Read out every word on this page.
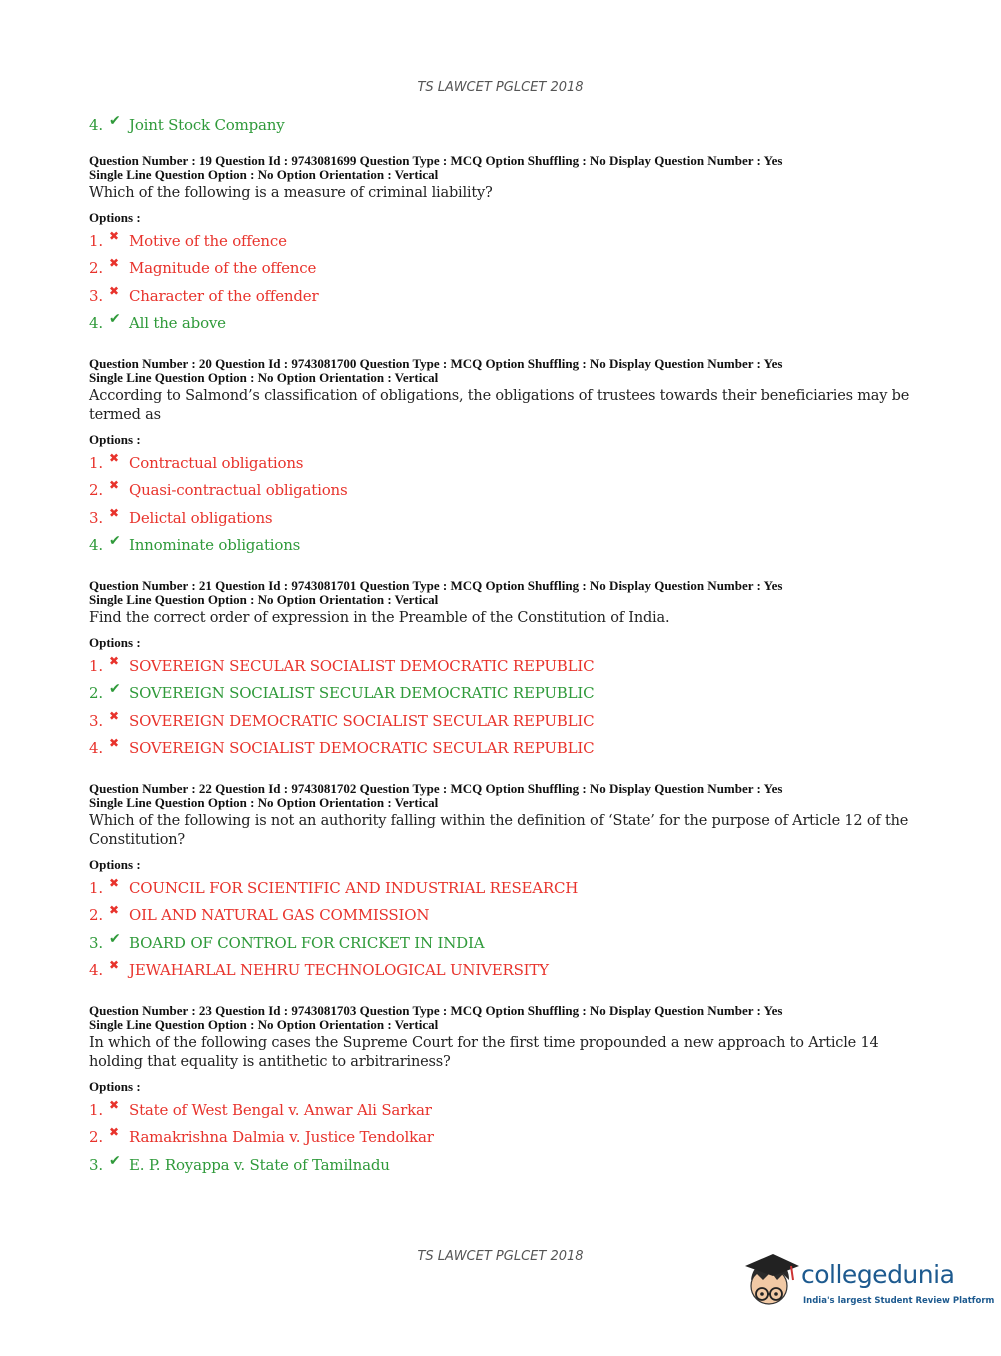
TS LAWCET PGLCET 2018
4. ✔ Joint Stock Company
Question Number : 19 Question Id : 9743081699 Question Type : MCQ Option Shuffling : No Display Question Number : Yes
Single Line Question Option : No Option Orientation : Vertical
Which of the following is a measure of criminal liability?
Options :
1. ✖ Motive of the offence
2. ✖ Magnitude of the offence
3. ✖ Character of the offender
4. ✔ All the above
Question Number : 20 Question Id : 9743081700 Question Type : MCQ Option Shuffling : No Display Question Number : Yes
Single Line Question Option : No Option Orientation : Vertical
According to Salmond’s classification of obligations, the obligations of trustees towards their beneficiaries may be termed as
Options :
1. ✖ Contractual obligations
2. ✖ Quasi-contractual obligations
3. ✖ Delictal obligations
4. ✔ Innominate obligations
Question Number : 21 Question Id : 9743081701 Question Type : MCQ Option Shuffling : No Display Question Number : Yes
Single Line Question Option : No Option Orientation : Vertical
Find the correct order of expression in the Preamble of the Constitution of India.
Options :
1. ✖ SOVEREIGN SECULAR SOCIALIST DEMOCRATIC REPUBLIC
2. ✔ SOVEREIGN SOCIALIST SECULAR DEMOCRATIC REPUBLIC
3. ✖ SOVEREIGN DEMOCRATIC SOCIALIST SECULAR REPUBLIC
4. ✖ SOVEREIGN SOCIALIST DEMOCRATIC SECULAR REPUBLIC
Question Number : 22 Question Id : 9743081702 Question Type : MCQ Option Shuffling : No Display Question Number : Yes
Single Line Question Option : No Option Orientation : Vertical
Which of the following is not an authority falling within the definition of ‘State’ for the purpose of Article 12 of the Constitution?
Options :
1. ✖ COUNCIL FOR SCIENTIFIC AND INDUSTRIAL RESEARCH
2. ✖ OIL AND NATURAL GAS COMMISSION
3. ✔ BOARD OF CONTROL FOR CRICKET IN INDIA
4. ✖ JEWAHARLAL NEHRU TECHNOLOGICAL UNIVERSITY
Question Number : 23 Question Id : 9743081703 Question Type : MCQ Option Shuffling : No Display Question Number : Yes
Single Line Question Option : No Option Orientation : Vertical
In which of the following cases the Supreme Court for the first time propounded a new approach to Article 14 holding that equality is antithetic to arbitrariness?
Options :
1. ✖ State of West Bengal v. Anwar Ali Sarkar
2. ✖ Ramakrishna Dalmia v. Justice Tendolkar
3. ✔ E. P. Royappa v. State of Tamilnadu
TS LAWCET PGLCET 2018
collegedunia
India's largest Student Review Platform
